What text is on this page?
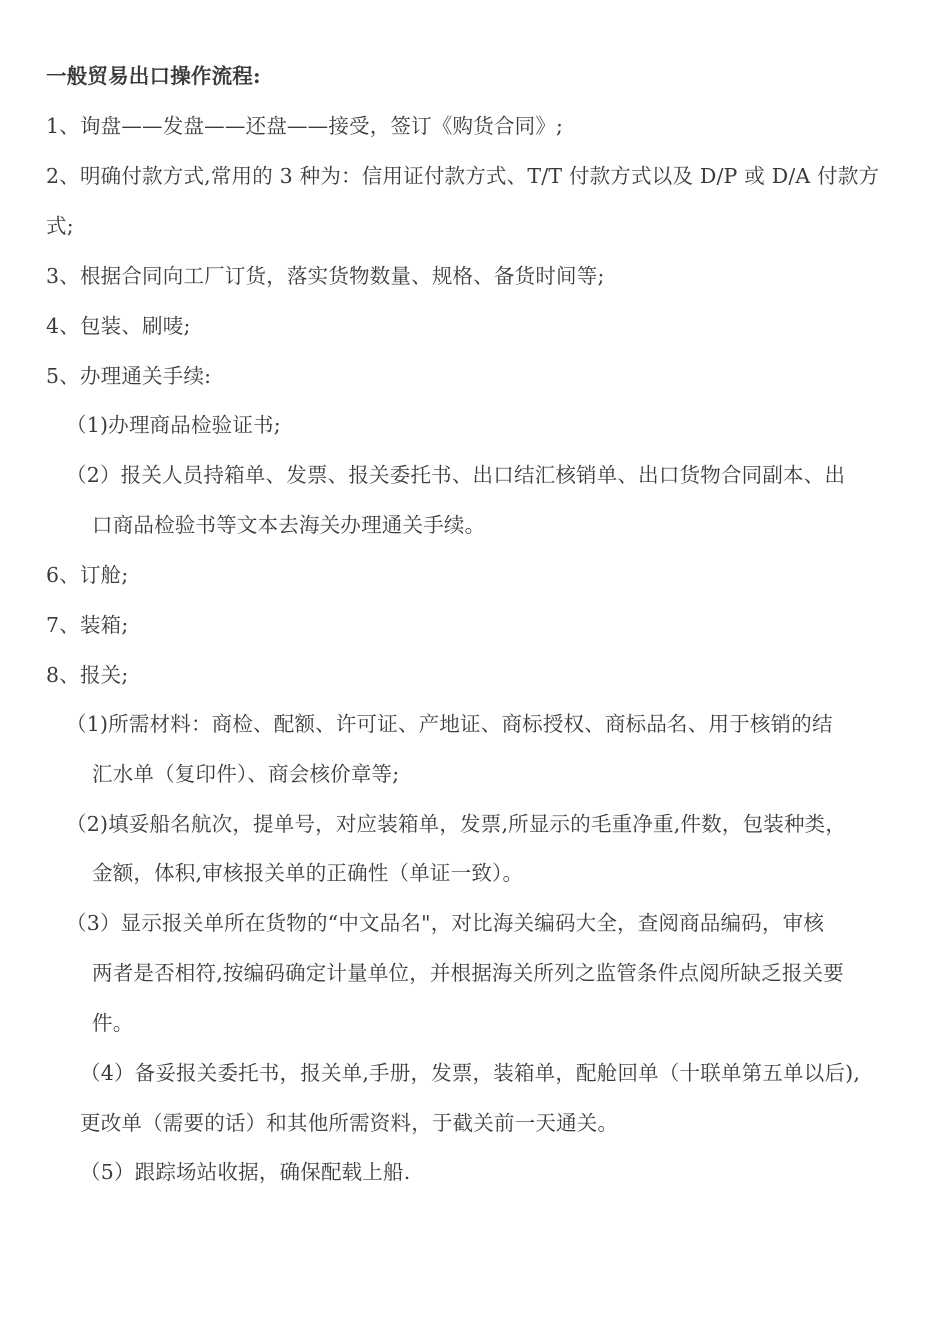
一般贸易出口操作流程:
1、询盘——发盘——还盘——接受，签订《购货合同》;
2、明确付款方式,常用的 3 种为：信用证付款方式、T/T 付款方式以及 D/P 或 D/A 付款方
式;
3、根据合同向工厂订货，落实货物数量、规格、备货时间等;
4、包装、刷唛;
5、办理通关手续:
（1)办理商品检验证书;
（2）报关人员持箱单、发票、报关委托书、出口结汇核销单、出口货物合同副本、出
口商品检验书等文本去海关办理通关手续。
6、订舱;
7、装箱;
8、报关;
（1)所需材料：商检、配额、许可证、产地证、商标授权、商标品名、用于核销的结
汇水单（复印件）、商会核价章等;
（2)填妥船名航次，提单号，对应装箱单，发票,所显示的毛重净重,件数，包装种类，
金额，体积,审核报关单的正确性（单证一致）。
（3）显示报关单所在货物的“中文品名"，对比海关编码大全，查阅商品编码，审核
两者是否相符,按编码确定计量单位，并根据海关所列之监管条件点阅所缺乏报关要
件。
（4）备妥报关委托书，报关单,手册，发票，装箱单，配舱回单（十联单第五单以后),
更改单（需要的话）和其他所需资料，于截关前一天通关。
（5）跟踪场站收据，确保配载上船.
